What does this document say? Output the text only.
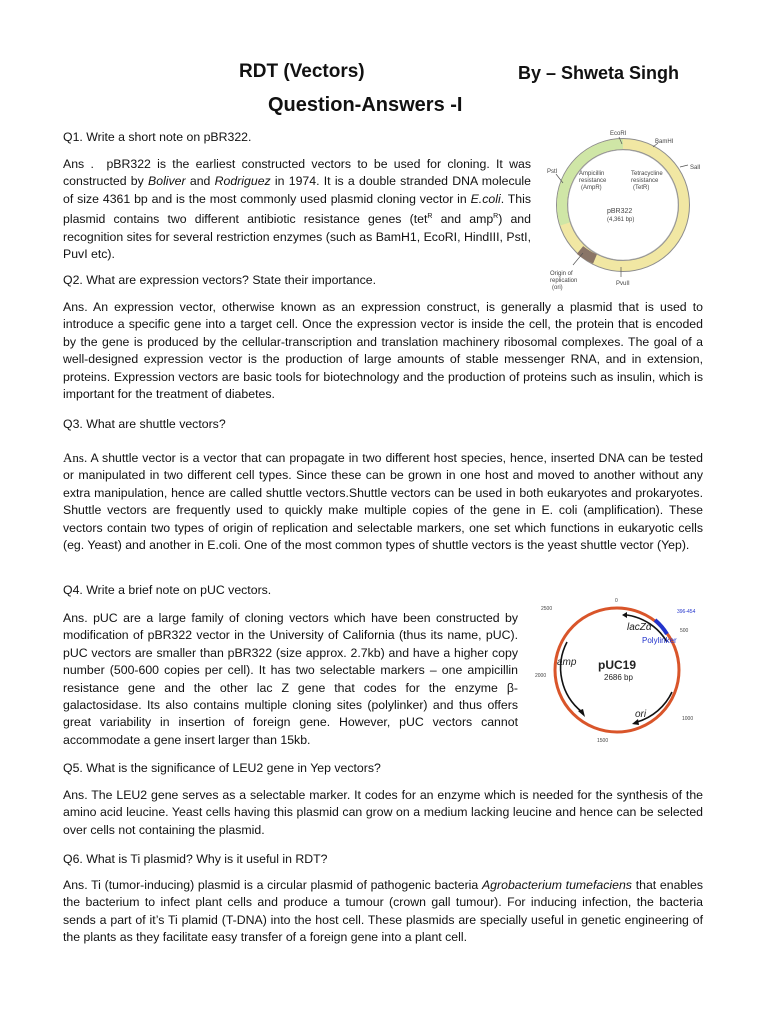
RDT (Vectors)	By – Shweta Singh
Question-Answers -I
Q1. Write a short note on pBR322.
Ans . pBR322 is the earliest constructed vectors to be used for cloning. It was constructed by Boliver and Rodriguez in 1974. It is a double stranded DNA molecule of size 4361 bp and is the most commonly used plasmid cloning vector in E.coli. This plasmid contains two different antibiotic resistance genes (tet$^R$ and amp$^R$) and recognition sites for several restriction enzymes (such as BamH1, EcoRI, HindIII, PstI, PuvI etc).
Q2. What are expression vectors? State their importance.
Ans. An expression vector, otherwise known as an expression construct, is generally a plasmid that is used to introduce a specific gene into a target cell. Once the expression vector is inside the cell, the protein that is encoded by the gene is produced by the cellular-transcription and translation machinery ribosomal complexes. The goal of a well-designed expression vector is the production of large amounts of stable messenger RNA, and in extension, proteins. Expression vectors are basic tools for biotechnology and the production of proteins such as insulin, which is important for the treatment of diabetes.
Q3. What are shuttle vectors?
Ans. A shuttle vector is a vector that can propagate in two different host species, hence, inserted DNA can be tested or manipulated in two different cell types. Since these can be grown in one host and moved to another without any extra manipulation, hence are called shuttle vectors.Shuttle vectors can be used in both eukaryotes and prokaryotes. Shuttle vectors are frequently used to quickly make multiple copies of the gene in E. coli (amplification). These vectors contain two types of origin of replication and selectable markers, one set which functions in eukaryotic cells (eg. Yeast) and another in E.coli. One of the most common types of shuttle vectors is the yeast shuttle vector (Yep).
Q4. Write a brief note on pUC vectors.
Ans. pUC are a large family of cloning vectors which have been constructed by modification of pBR322 vector in the University of California (thus its name, pUC). pUC vectors are smaller than pBR322 (size approx. 2.7kb) and have a higher copy number (500-600 copies per cell). It has two selectable markers – one ampicillin resistance gene and the other lac Z gene that codes for the enzyme β-galactosidase. Its also contains multiple cloning sites (polylinker) and thus offers great variability in insertion of foreign gene. However, pUC vectors cannot accommodate a gene insert larger than 15kb.
Q5. What is the significance of LEU2 gene in Yep vectors?
Ans. The LEU2 gene serves as a selectable marker. It codes for an enzyme which is needed for the synthesis of the amino acid leucine. Yeast cells having this plasmid can grow on a medium lacking leucine and hence can be selected over cells not containing the plasmid.
Q6. What is Ti plasmid? Why is it useful in RDT?
Ans. Ti (tumor-inducing) plasmid is a circular plasmid of pathogenic bacteria Agrobacterium tumefaciens that enables the bacterium to infect plant cells and produce a tumour (crown gall tumour). For inducing infection, the bacteria sends a part of it’s Ti plamid (T-DNA) into the host cell. These plasmids are specially useful in genetic engineering of the plants as they facilitate easy transfer of a foreign gene into a plant cell.
EcoRI
BamHI
SalI
PstI
PvuII
Ampicillin
resistance
(AmpR)
Tetracycline
resistance
(TetR)
pBR322
(4,361 bp)
Origin of
replication
(ori)
0
500
1000
1500
2000
2500	396-454
lacZα
Polylinker
pUC19
2686 bp
amp
ori
